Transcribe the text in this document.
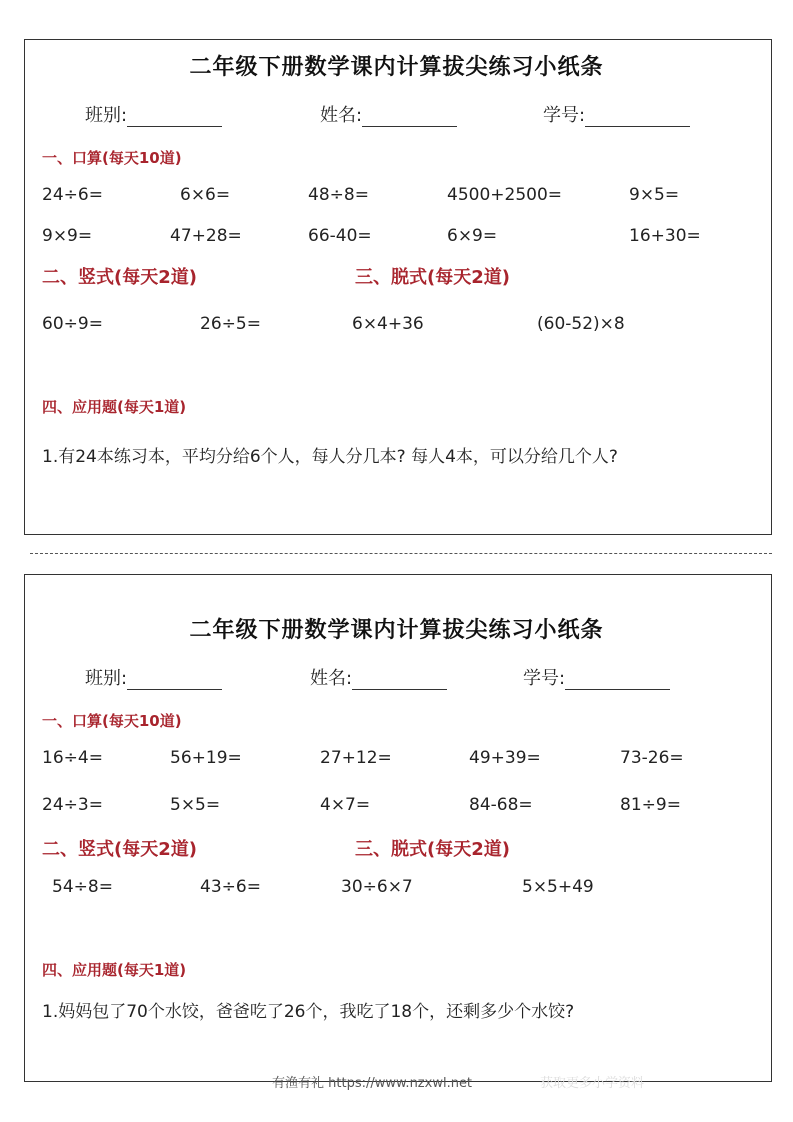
二年级下册数学课内计算拔尖练习小纸条
班别:	姓名:	学号:
一、口算(每天10道)
24÷6=	6×6=	48÷8=	4500+2500=	9×5=
9×9=	47+28=	66-40=	6×9=	16+30=
二、竖式(每天2道)	三、脱式(每天2道)
60÷9=	26÷5=	6×4+36	(60-52)×8
四、应用题(每天1道)
1.有24本练习本，平均分给6个人，每人分几本? 每人4本，可以分给几个人?
二年级下册数学课内计算拔尖练习小纸条
班别:	姓名:	学号:
一、口算(每天10道)
16÷4=	56+19=	27+12=	49+39=	73-26=
24÷3=	5×5=	4×7=	84-68=	81÷9=
二、竖式(每天2道)	三、脱式(每天2道)
54÷8=	43÷6=	30÷6×7	5×5+49
四、应用题(每天1道)
1.妈妈包了70个水饺，爸爸吃了26个，我吃了18个，还剩多少个水饺?
有渔有礼 https://www.nzxwl.net	获取更多小学资料
